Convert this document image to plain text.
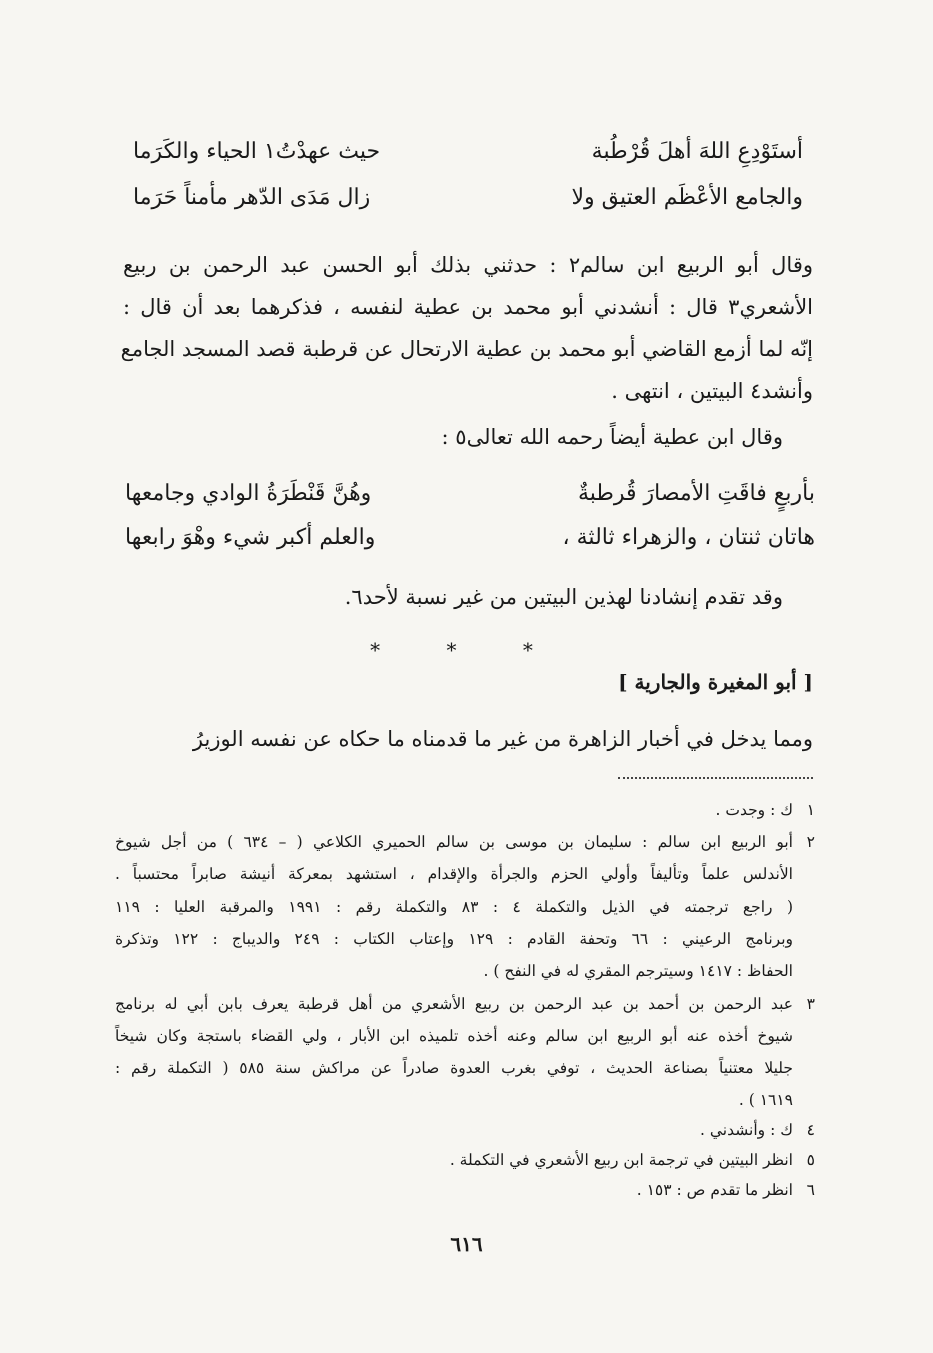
أستَوْدِعِ اللهَ أهلَ قُرْطُبة
حيث عهدْتُ١ الحياء والكَرَما
والجامع الأعْظَم العتيق ولا
زال مَدَى الدّهر مأمناً حَرَما
وقال أبو الربيع ابن سالم٢ : حدثني بذلك أبو الحسن عبد الرحمن بن ربيع
الأشعري٣ قال : أنشدني أبو محمد بن عطية لنفسه ، فذكرهما بعد أن قال :
إنّه لما أزمع القاضي أبو محمد بن عطية الارتحال عن قرطبة قصد المسجد الجامع
وأنشد٤ البيتين ، انتهى .
وقال ابن عطية أيضاً رحمه الله تعالى٥ :
بأربعٍ فاقَتِ الأمصارَ قُرطبةٌ
وهُنَّ قَنْطَرَةُ الوادي وجامعها
هاتان ثنتان ، والزهراء ثالثة ،
والعلم أكبر شيء وهْوَ رابعها
وقد تقدم إنشادنا لهذين البيتين من غير نسبة لأحد٦.
* * *
[ أبو المغيرة والجارية ]
ومما يدخل في أخبار الزاهرة من غير ما قدمناه ما حكاه عن نفسه الوزيرُ
١
ك : وجدت .
٢
أبو الربيع ابن سالم : سليمان بن موسى بن سالم الحميري الكلاعي ( – ٦٣٤ ) من أجل شيوخ
الأندلس علماً وتأليفاً وأولي الحزم والجرأة والإقدام ، استشهد بمعركة أنيشة صابراً محتسباً .
( راجع ترجمته في الذيل والتكملة ٤ : ٨٣ والتكملة رقم : ١٩٩١ والمرقبة العليا : ١١٩
وبرنامج الرعيني : ٦٦ وتحفة القادم : ١٢٩ وإعتاب الكتاب : ٢٤٩ والديباج : ١٢٢ وتذكرة
الحفاظ : ١٤١٧ وسيترجم المقري له في النفح ) .
٣
عبد الرحمن بن أحمد بن عبد الرحمن بن ربيع الأشعري من أهل قرطبة يعرف بابن أبي له برنامج
شيوخ أخذه عنه أبو الربيع ابن سالم وعنه أخذه تلميذه ابن الأبار ، ولي القضاء باستجة وكان شيخاً
جليلا معتنياً بصناعة الحديث ، توفي بغرب العدوة صادراً عن مراكش سنة ٥٨٥ ( التكملة رقم :
١٦١٩ ) .
٤
ك : وأنشدني .
٥
انظر البيتين في ترجمة ابن ربيع الأشعري في التكملة .
٦
انظر ما تقدم ص : ١٥٣ .
٦١٦
